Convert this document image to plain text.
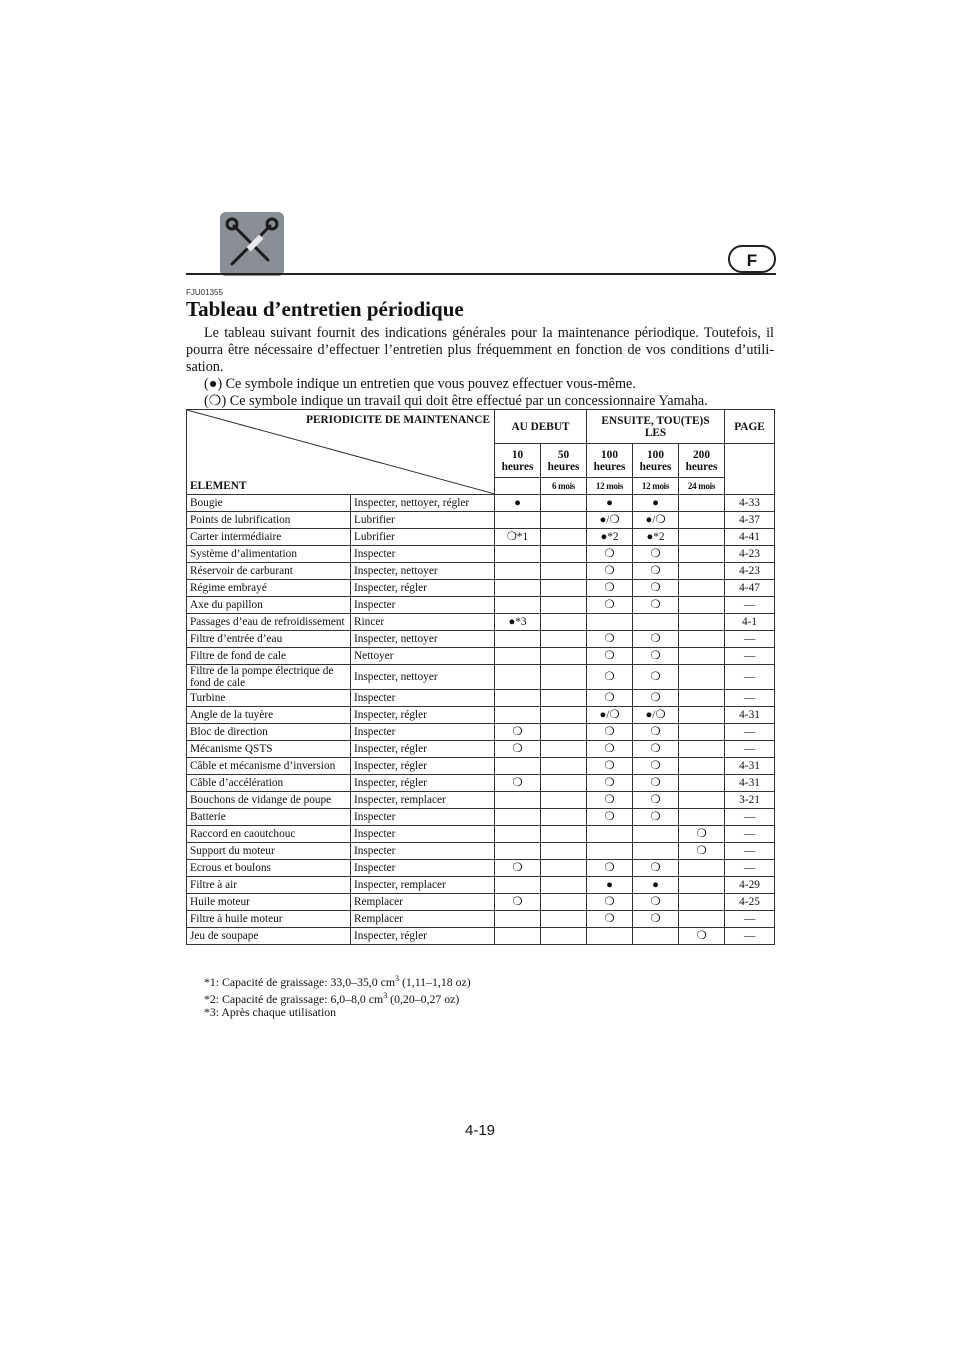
F
FJU01355
Tableau d’entretien périodique

Le tableau suivant fournit des indications générales pour la maintenance périodique. Toutefois, il pourra être nécessaire d’effectuer l’entretien plus fréquemment en fonction de vos conditions d’utilisation.

(●) Ce symbole indique un entretien que vous pouvez effectuer vous-même.
(❍) Ce symbole indique un travail qui doit être effectué par un concessionnaire Yamaha.
PERIODICITE DE MAINTENANCE
ELEMENT		AU DEBUT		ENSUITE, TOU(TE)S LES			PAGE
		10 heures	50 heures	100 heures	100 heures	200 heures	
			6 mois	12 mois	12 mois	24 mois	
Bougie	Inspecter, nettoyer, régler	●		●	●		4-33
Points de lubrification	Lubrifier			●/❍	●/❍		4-37
Carter intermédiaire	Lubrifier	❍*1		●*2	●*2		4-41
Système d’alimentation	Inspecter			❍	❍		4-23
Réservoir de carburant	Inspecter, nettoyer			❍	❍		4-23
Régime embrayé	Inspecter, régler			❍	❍		4-47
Axe du papillon	Inspecter			❍	❍		—
Passages d’eau de refroidissement	Rincer	●*3					4-1
Filtre d’entrée d’eau	Inspecter, nettoyer			❍	❍		—
Filtre de fond de cale	Nettoyer			❍	❍		—
Filtre de la pompe électrique de fond de cale	Inspecter, nettoyer			❍	❍		—
Turbine	Inspecter			❍	❍		—
Angle de la tuyère	Inspecter, régler			●/❍	●/❍		4-31
Bloc de direction	Inspecter	❍		❍	❍		—
Mécanisme QSTS	Inspecter, régler	❍		❍	❍		—
Câble et mécanisme d’inversion	Inspecter, régler			❍	❍		4-31
Câble d’accélération	Inspecter, régler	❍		❍	❍		4-31
Bouchons de vidange de poupe	Inspecter, remplacer			❍	❍		3-21
Batterie	Inspecter			❍	❍		—
Raccord en caoutchouc	Inspecter					❍	—
Support du moteur	Inspecter					❍	—
Ecrous et boulons	Inspecter	❍		❍	❍		—
Filtre à air	Inspecter, remplacer			●	●		4-29
Huile moteur	Remplacer	❍		❍	❍		4-25
Filtre à huile moteur	Remplacer			❍	❍		—
Jeu de soupape	Inspecter, régler					❍	—
*1: Capacité de graissage: 33,0–35,0 $cm^3$ (1,11–1,18 oz)
*2: Capacité de graissage: 6,0–8,0 $cm^3$ (0,20–0,27 oz)
*3: Après chaque utilisation
4-19
